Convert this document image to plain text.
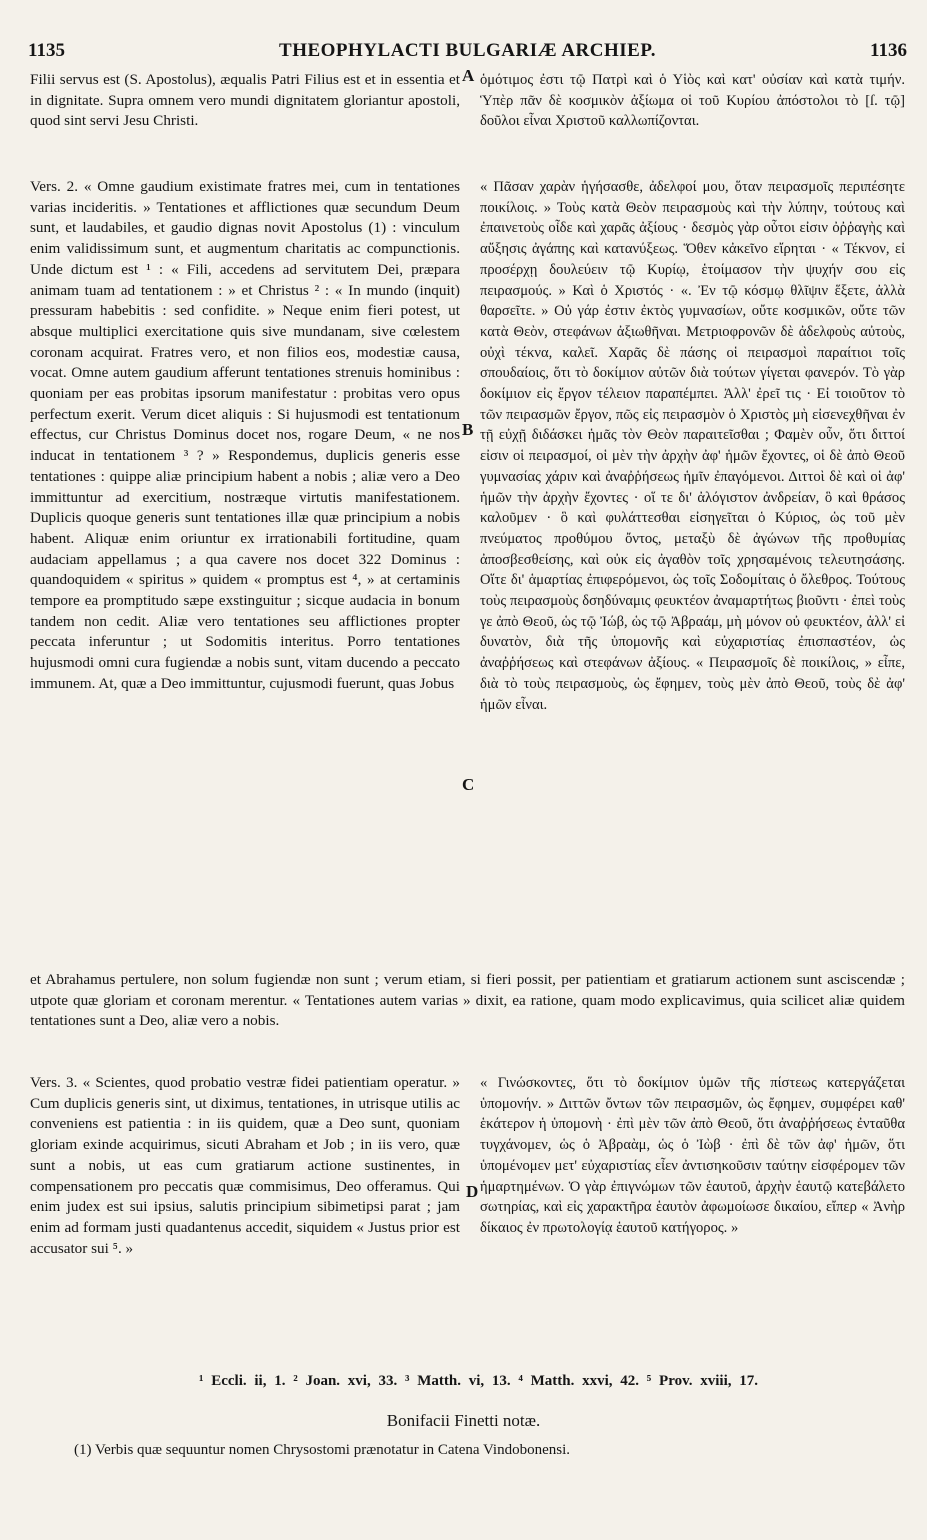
1135	THEOPHYLACTI BULGARIÆ ARCHIEP.	1136

Filii servus est (S. Apostolus), æqualis Patri Filius est et in essentia et in dignitate. Supra omnem vero mundi dignitatem gloriantur apostoli, quod sint servi Jesu Christi.

Vers. 2. « Omne gaudium existimate fratres mei, cum in tentationes varias incideritis. » Tentationes et afflictiones quæ secundum Deum sunt, et laudabiles, et gaudio dignas novit Apostolus (1) : vinculum enim validissimum sunt, et augmentum charitatis ac compunctionis. Unde dictum est ¹ : « Fili, accedens ad servitutem Dei, præpara animam tuam ad tentationem : » et Christus ² : « In mundo (inquit) pressuram habebitis : sed confidite. » Neque enim fieri potest, ut absque multiplici exercitatione quis sive mundanam, sive cœlestem coronam acquirat. Fratres vero, et non filios eos, modestiæ causa, vocat. Omne autem gaudium afferunt tentationes strenuis hominibus : quoniam per eas probitas ipsorum manifestatur : probitas vero opus perfectum exerit. Verum dicet aliquis : Si hujusmodi est tentationum effectus, cur Christus Dominus docet nos, rogare Deum, « ne nos inducat in tentationem ³ ? » Respondemus, duplicis generis esse tentationes : quippe aliæ principium habent a nobis ; aliæ vero a Deo immittuntur ad exercitium, nostræque virtutis manifestationem. Duplicis quoque generis sunt tentationes illæ quæ principium a nobis habent. Aliquæ enim oriuntur ex irrationabili fortitudine, quam audaciam appellamus ; a qua cavere nos docet 322 Dominus : quandoquidem « spiritus » quidem « promptus est ⁴, » at certaminis tempore ea promptitudo sæpe exstinguitur ; sicque audacia in bonum tandem non cedit. Aliæ vero tentationes seu afflictiones propter peccata inferuntur ; ut Sodomitis interitus. Porro tentationes hujusmodi omni cura fugiendæ a nobis sunt, vitam ducendo a peccato immunem. At, quæ a Deo immittuntur, cujusmodi fuerunt, quas Jobus

ὁμότιμος ἐστι τῷ Πατρὶ καὶ ὁ Υἱὸς καὶ κατ' οὐσίαν καὶ κατὰ τιμήν. Ὑπὲρ πᾶν δὲ κοσμικὸν ἀξίωμα οἱ τοῦ Κυρίου ἀπόστολοι τὸ [ſ. τῷ] δοῦλοι εἶναι Χριστοῦ καλλωπίζονται.

« Πᾶσαν χαρὰν ἡγήσασθε, ἀδελφοί μου, ὅταν πειρασμοῖς περιπέσητε ποικίλοις. » Τοὺς κατὰ Θεὸν πειρασμοὺς καὶ τὴν λύπην, τούτους καὶ ἐπαινετοὺς οἶδε καὶ χαρᾶς ἀξίους · δεσμὸς γὰρ οὗτοι εἰσιν ὀῤῥαγὴς καὶ αὔξησις ἀγάπης καὶ κατανύξεως. Ὅθεν κἀκεῖνο εἴρηται · « Τέκνον, εἰ προσέρχῃ δουλεύειν τῷ Κυρίῳ, ἑτοίμασον τὴν ψυχήν σου εἰς πειρασμούς. » Καὶ ὁ Χριστός · «. Ἐν τῷ κόσμῳ θλῖψιν ἕξετε, ἀλλὰ θαρσεῖτε. » Οὐ γάρ ἐστιν ἐκτὸς γυμνασίων, οὔτε κοσμικῶν, οὔτε τῶν κατὰ Θεὸν, στεφάνων ἀξιωθῆναι. Μετριοφρονῶν δὲ ἀδελφοὺς αὐτοὺς, οὐχὶ τέκνα, καλεῖ. Χαρᾶς δὲ πάσης οἱ πειρασμοὶ παραίτιοι τοῖς σπουδαίοις, ὅτι τὸ δοκίμιον αὐτῶν διὰ τούτων γίγεται φανερόν. Τὸ γὰρ δοκίμιον εἰς ἔργον τέλειον παραπέμπει. Ἀλλ' ἐρεῖ τις · Εἰ τοιοῦτον τὸ τῶν πειρασμῶν ἔργον, πῶς εἰς πειρασμὸν ὁ Χριστὸς μὴ εἰσενεχθῆναι ἐν τῇ εὐχῇ διδάσκει ἡμᾶς τὸν Θεὸν παραιτεῖσθαι ; Φαμὲν οὖν, ὅτι διττοί εἰσιν οἱ πειρασμοί, οἱ μὲν τὴν ἀρχὴν ἀφ' ἡμῶν ἔχοντες, οἱ δὲ ἀπὸ Θεοῦ γυμνασίας χάριν καὶ ἀναῤῥήσεως ἡμῖν ἐπαγόμενοι. Διττοὶ δὲ καὶ οἱ ἀφ' ἡμῶν τὴν ἀρχὴν ἔχοντες · οἵ τε δι' ἀλόγιστον ἀνδρείαν, ὃ καὶ θράσος καλοῦμεν · ὃ καὶ φυλάττεσθαι εἰσηγεῖται ὁ Κύριος, ὡς τοῦ μὲν πνεύματος προθύμου ὄντος, μεταξὺ δὲ ἀγώνων τῆς προθυμίας ἀποσβεσθείσης, καὶ οὐκ εἰς ἀγαθὸν τοῖς χρησαμένοις τελευτησάσης. Οἵτε δι' ἁμαρτίας ἐπιφερόμενοι, ὡς τοῖς Σοδομίταις ὁ ὄλεθρος. Τούτους τοὺς πειρασμοὺς δσηδύναμις φευκτέον ἀναμαρτήτως βιοῦντι · ἐπεὶ τοὺς γε ἀπὸ Θεοῦ, ὡς τῷ Ἰώβ, ὡς τῷ Ἀβραάμ, μὴ μόνον οὐ φευκτέον, ἀλλ' εἰ δυνατὸν, διὰ τῆς ὑπομονῆς καὶ εὐχαριστίας ἐπισπαστέον, ὡς ἀναῤῥήσεως καὶ στεφάνων ἀξίους. « Πειρασμοῖς δὲ ποικίλοις, » εἶπε, διὰ τὸ τοὺς πειρασμοὺς, ὡς ἔφημεν, τοὺς μὲν ἀπὸ Θεοῦ, τοὺς δὲ ἀφ' ἡμῶν εἶναι.

et Abrahamus pertulere, non solum fugiendæ non sunt ; verum etiam, si fieri possit, per patientiam et gratiarum actionem sunt asciscendæ ; utpote quæ gloriam et coronam merentur. « Tentationes autem varias » dixit, ea ratione, quam modo explicavimus, quia scilicet aliæ quidem tentationes sunt a Deo, aliæ vero a nobis.

Vers. 3. « Scientes, quod probatio vestræ fidei patientiam operatur. » Cum duplicis generis sint, ut diximus, tentationes, in utrisque utilis ac conveniens est patientia : in iis quidem, quæ a Deo sunt, quoniam gloriam exinde acquirimus, sicuti Abraham et Job ; in iis vero, quæ sunt a nobis, ut eas cum gratiarum actione sustinentes, in compensationem pro peccatis quæ commisimus, Deo offeramus. Qui enim judex est sui ipsius, salutis principium sibimetipsi parat ; jam enim ad formam justi quadantenus accedit, siquidem « Justus prior est accusator sui ⁵. »

« Γινώσκοντες, ὅτι τὸ δοκίμιον ὑμῶν τῆς πίστεως κατεργάζεται ὑπομονήν. » Διττῶν ὄντων τῶν πειρασμῶν, ὡς ἔφημεν, συμφέρει καθ' ἑκάτερον ἡ ὑπομονὴ · ἐπὶ μὲν τῶν ἀπὸ Θεοῦ, ὅτι ἀναῤῥήσεως ἐνταῦθα τυγχάνομεν, ὡς ὁ Ἀβραὰμ, ὡς ὁ Ἰὼβ · ἐπὶ δὲ τῶν ἀφ' ἡμῶν, ὅτι ὑπομένομεν μετ' εὐχαριστίας εἶεν ἀντισηκοῦσιν ταύτην εἰσφέρομεν τῶν ἡμαρτημένων. Ὁ γὰρ ἐπιγνώμων τῶν ἑαυτοῦ, ἀρχὴν ἑαυτῷ κατεβάλετο σωτηρίας, καὶ εἰς χαρακτῆρα ἑαυτὸν ἀφωμοίωσε δικαίου, εἴπερ « Ἀνὴρ δίκαιος ἐν πρωτολογίᾳ ἑαυτοῦ κατήγορος. »

A
B
C
D
¹ Eccli. ii, 1. ² Joan. xvi, 33. ³ Matth. vi, 13. ⁴ Matth. xxvi, 42. ⁵ Prov. xviii, 17.
Bonifacii Finetti notæ.
(1) Verbis quæ sequuntur nomen Chrysostomi prænotatur in Catena Vindobonensi.
